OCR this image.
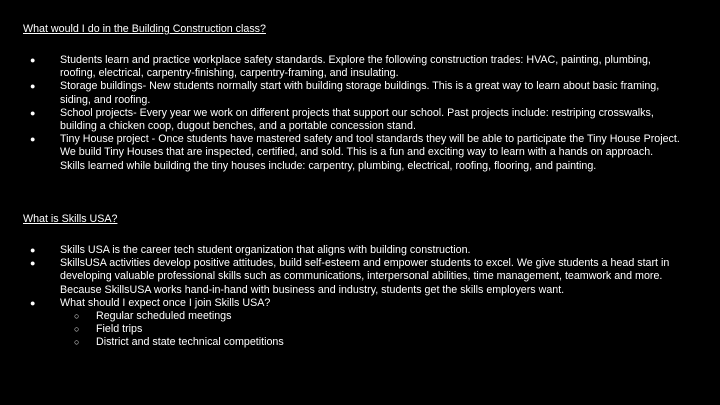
What would I do in the Building Construction class?
● Students learn and practice workplace safety standards. Explore the following construction trades: HVAC, painting, plumbing, roofing, electrical, carpentry-finishing, carpentry-framing, and insulating.
● Storage buildings- New students normally start with building storage buildings. This is a great way to learn about basic framing, siding, and roofing.
● School projects- Every year we work on different projects that support our school. Past projects include: restriping crosswalks, building a chicken coop, dugout benches, and a portable concession stand.
● Tiny House project - Once students have mastered safety and tool standards they will be able to participate the Tiny House Project. We build Tiny Houses that are inspected, certified, and sold. This is a fun and exciting way to learn with a hands on approach. Skills learned while building the tiny houses include: carpentry, plumbing, electrical, roofing, flooring, and painting.
What is Skills USA?
● Skills USA is the career tech student organization that aligns with building construction.
● SkillsUSA activities develop positive attitudes, build self-esteem and empower students to excel. We give students a head start in developing valuable professional skills such as communications, interpersonal abilities, time management, teamwork and more. Because SkillsUSA works hand-in-hand with business and industry, students get the skills employers want.
● What should I expect once I join Skills USA?
○ Regular scheduled meetings
○ Field trips
○ District and state technical competitions
